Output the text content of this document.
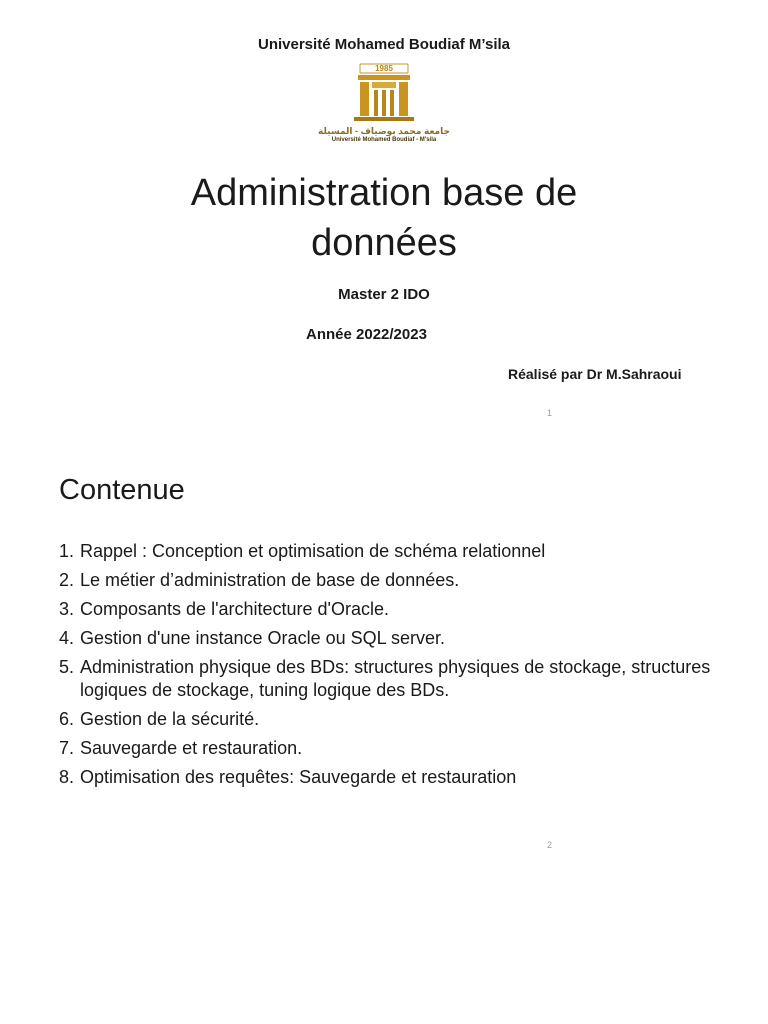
Université Mohamed Boudiaf M’sila
1985
جامعة محمد بوضياف - المسيلة
Université Mohamed Boudiaf - M'sila
Administration base de
données
Master 2 IDO
Année 2022/2023
Réalisé par Dr M.Sahraoui
1
Contenue
1. Rappel : Conception et optimisation de schéma relationnel
2. Le métier d’administration de base de données.
3. Composants de l'architecture d'Oracle.
4. Gestion d'une instance Oracle ou SQL server.
5. Administration physique des BDs: structures physiques de stockage, structures logiques de stockage, tuning logique des BDs.
6. Gestion de la sécurité.
7. Sauvegarde et restauration.
8. Optimisation des requêtes: Sauvegarde et restauration
2
